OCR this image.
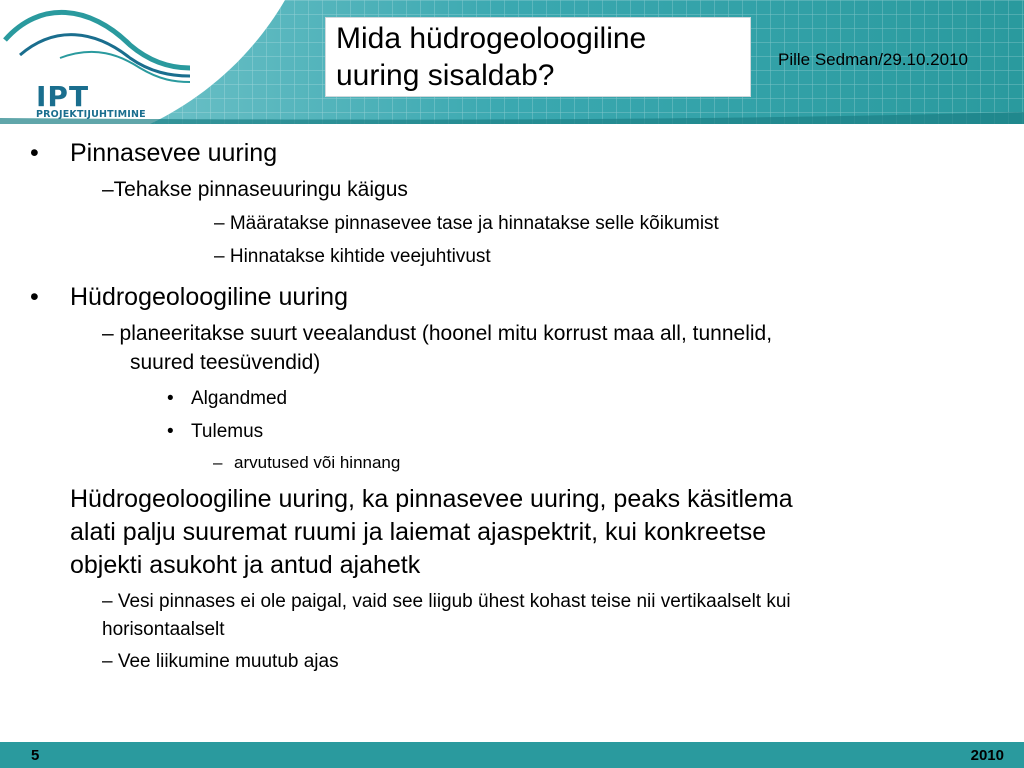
IPT
PROJEKTIJUHTIMINE
Mida hüdrogeoloogiline
uuring sisaldab?	Pille Sedman/29.10.2010
• Pinnasevee uuring
–Tehakse pinnaseuuringu käigus
– Määratakse pinnasevee tase ja hinnatakse selle kõikumist
– Hinnatakse kihtide veejuhtivust
• Hüdrogeoloogiline uuring
– planeeritakse suurt veealandust (hoonel mitu korrust maa all, tunnelid,
suured teesüvendid)
• Algandmed
• Tulemus
– arvutused või hinnang
Hüdrogeoloogiline uuring, ka pinnasevee uuring, peaks käsitlema
alati palju suuremat ruumi ja laiemat ajaspektrit, kui konkreetse
objekti asukoht ja antud ajahetk
– Vesi pinnases ei ole paigal, vaid see liigub ühest kohast teise nii vertikaalselt kui
horisontaalselt
– Vee liikumine muutub ajas
5	2010
